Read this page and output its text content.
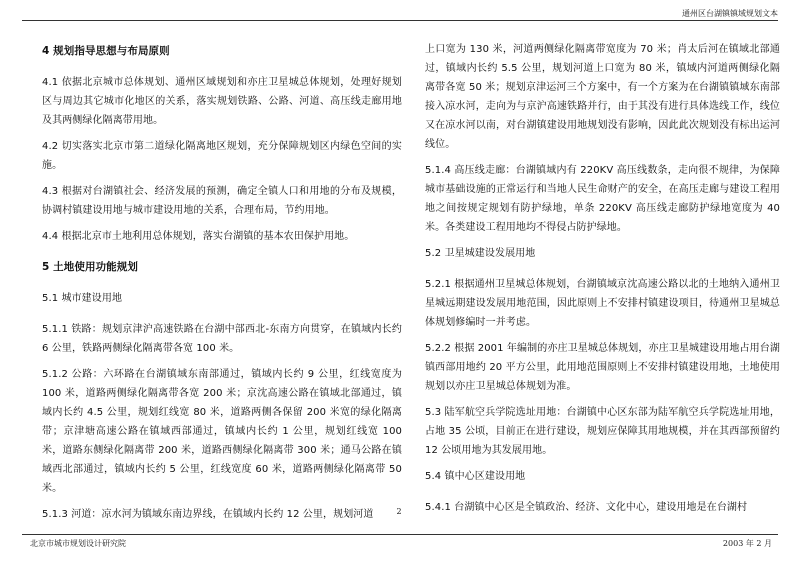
通州区台湖镇镇域规划文本

4 规划指导思想与布局原则

4.1 依据北京城市总体规划、通州区域规划和亦庄卫星城总体规划，处理好规划区与周边其它城市化地区的关系，落实规划铁路、公路、河道、高压线走廊用地及其两侧绿化隔离带用地。

4.2 切实落实北京市第二道绿化隔离地区规划，充分保障规划区内绿色空间的实施。

4.3 根据对台湖镇社会、经济发展的预测，确定全镇人口和用地的分布及规模，协调村镇建设用地与城市建设用地的关系，合理布局，节约用地。

4.4 根据北京市土地利用总体规划，落实台湖镇的基本农田保护用地。

5 土地使用功能规划

5.1 城市建设用地

5.1.1 铁路：规划京津沪高速铁路在台湖中部西北-东南方向贯穿，在镇域内长约 6 公里，铁路两侧绿化隔离带各宽 100 米。

5.1.2 公路：六环路在台湖镇域东南部通过，镇域内长约 9 公里，红线宽度为 100 米，道路两侧绿化隔离带各宽 200 米；京沈高速公路在镇域北部通过，镇域内长约 4.5 公里，规划红线宽 80 米，道路两侧各保留 200 米宽的绿化隔离带；京津塘高速公路在镇域西部通过，镇域内长约 1 公里，规划红线宽 100 米，道路东侧绿化隔离带 200 米，道路西侧绿化隔离带 300 米；通马公路在镇域西北部通过，镇域内长约 5 公里，红线宽度 60 米，道路两侧绿化隔离带 50 米。

5.1.3 河道：凉水河为镇域东南边界线，在镇域内长约 12 公里，规划河道

上口宽为 130 米，河道两侧绿化隔离带宽度为 70 米；肖太后河在镇域北部通过，镇域内长约 5.5 公里，规划河道上口宽为 80 米，镇域内河道两侧绿化隔离带各宽 50 米；规划京津运河三个方案中，有一个方案为在台湖镇镇域东南部接入凉水河，走向为与京沪高速铁路并行，由于其没有进行具体选线工作，线位又在凉水河以南，对台湖镇建设用地规划没有影响，因此此次规划没有标出运河线位。

5.1.4 高压线走廊：台湖镇域内有 220KV 高压线数条，走向很不规律，为保障城市基础设施的正常运行和当地人民生命财产的安全，在高压走廊与建设工程用地之间按规定规划有防护绿地，单条 220KV 高压线走廊防护绿地宽度为 40 米。各类建设工程用地均不得侵占防护绿地。

5.2 卫星城建设发展用地

5.2.1 根据通州卫星城总体规划，台湖镇域京沈高速公路以北的土地纳入通州卫星城远期建设发展用地范围，因此原则上不安排村镇建设项目，待通州卫星城总体规划修编时一并考虑。

5.2.2 根据 2001 年编制的亦庄卫星城总体规划，亦庄卫星城建设用地占用台湖镇西部用地约 20 平方公里，此用地范围原则上不安排村镇建设用地，土地使用规划以亦庄卫星城总体规划为准。

5.3 陆军航空兵学院选址用地：台湖镇中心区东部为陆军航空兵学院选址用地，占地 35 公顷，目前正在进行建设，规划应保障其用地规模，并在其西部预留约 12 公顷用地为其发展用地。

5.4 镇中心区建设用地

5.4.1 台湖镇中心区是全镇政治、经济、文化中心，建设用地是在台湖村

2
北京市城市规划设计研究院	2003 年 2 月
